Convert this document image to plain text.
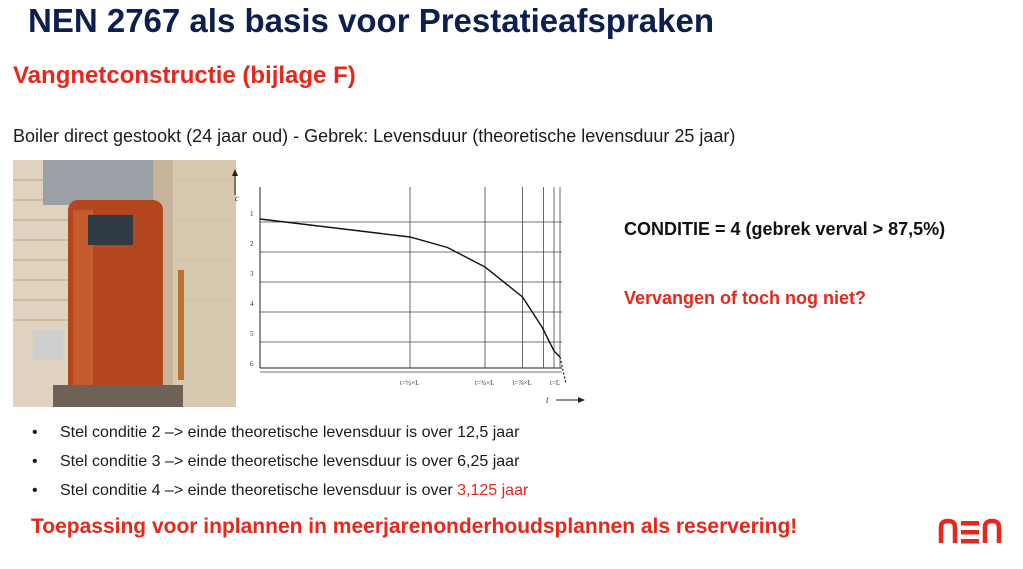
NEN 2767 als basis voor Prestatieafspraken
Vangnetconstructie (bijlage F)
Boiler direct gestookt (24 jaar oud) - Gebrek: Levensduur (theoretische levensduur 25 jaar)
1
2
3
4
5
6
t=½×L	t=¾×L	t=⅞×L	t=L
c
t
CONDITIE = 4 (gebrek verval > 87,5%)
Vervangen of toch nog niet?
• Stel conditie 2 –> einde theoretische levensduur is over 12,5 jaar
• Stel conditie 3 –> einde theoretische levensduur is over 6,25 jaar
• Stel conditie 4 –> einde theoretische levensduur is over 3,125 jaar
Toepassing voor inplannen in meerjarenonderhoudsplannen als reservering!
